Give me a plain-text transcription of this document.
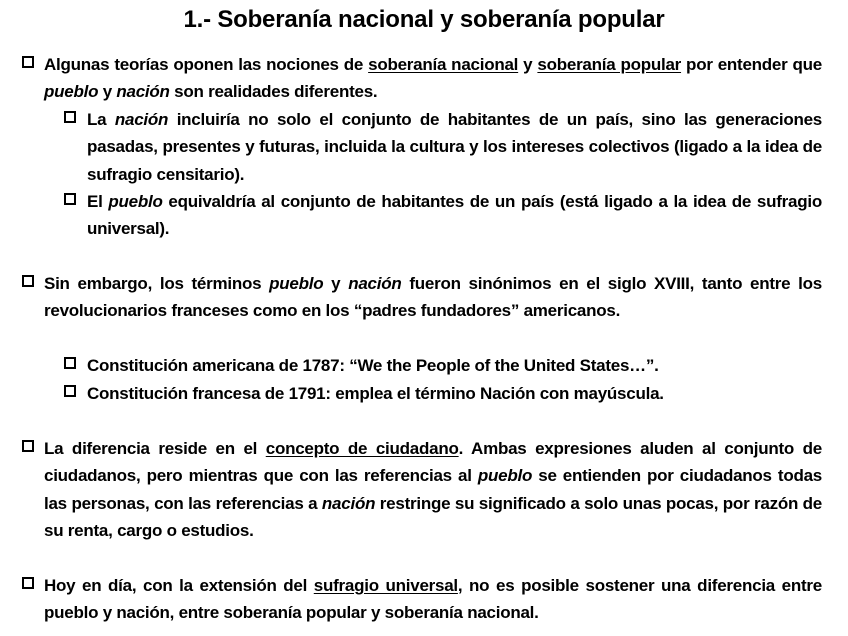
1.- Soberanía nacional y soberanía popular
Algunas teorías oponen las nociones de soberanía nacional y soberanía popular por entender que pueblo y nación son realidades diferentes.
La nación incluiría no solo el conjunto de habitantes de un país, sino las generaciones pasadas, presentes y futuras, incluida la cultura y los intereses colectivos (ligado a la idea de sufragio censitario).
El pueblo equivaldría al conjunto de habitantes de un país (está ligado a la idea de sufragio universal).
Sin embargo, los términos pueblo y nación fueron sinónimos en el siglo XVIII, tanto entre los revolucionarios franceses como en los “padres fundadores” americanos.
Constitución americana de 1787: “We the People of the United States…”.
Constitución francesa de 1791: emplea el término Nación con mayúscula.
La diferencia reside en el concepto de ciudadano. Ambas expresiones aluden al conjunto de ciudadanos, pero mientras que con las referencias al pueblo se entienden por ciudadanos todas las personas, con las referencias a nación restringe su significado a solo unas pocas, por razón de su renta, cargo o estudios.
Hoy en día, con la extensión del sufragio universal, no es posible sostener una diferencia entre pueblo y nación, entre soberanía popular y soberanía nacional.
